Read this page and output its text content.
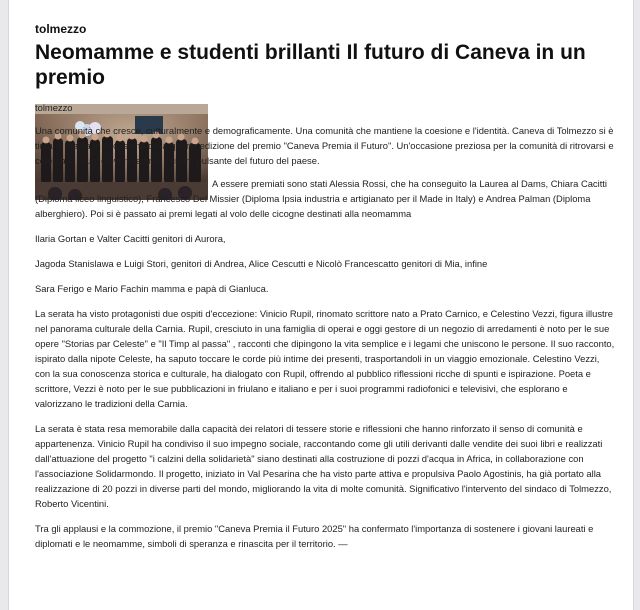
tolmezzo
Neomamme e studenti brillanti Il futuro di Caneva in un premio

tolmezzo

Una comunità che cresce, culturalmente e demograficamente. Una comunità che mantiene la coesione e l'identità. Caneva di Tolmezzo si è tinta di magia in occasione della quarta edizione del premio "Caneva Premia il Futuro". Un'occasione preziosa per la comunità di ritrovarsi e celebrare i suoi giovani talenti, il cuore pulsante del futuro del paese.

A essere premiati sono stati Alessia Rossi, che ha conseguito la Laurea al Dams, Chiara Cacitti (Diploma liceo linguistico), Francesco Del Missier (Diploma Ipsia industria e artigianato per il Made in Italy) e Andrea Palman (Diploma alberghiero). Poi si è passato ai premi legati al volo delle cicogne destinati alla neomamma

Ilaria Gortan e Valter Cacitti genitori di Aurora,

Jagoda Stanislawa e Luigi Stori, genitori di Andrea, Alice Cescutti e Nicolò Francescatto genitori di Mia, infine

Sara Ferigo e Mario Fachin mamma e papà di Gianluca.

La serata ha visto protagonisti due ospiti d'eccezione: Vinicio Rupil, rinomato scrittore nato a Prato Carnico, e Celestino Vezzi, figura illustre nel panorama culturale della Carnia. Rupil, cresciuto in una famiglia di operai e oggi gestore di un negozio di arredamenti è noto per le sue opere "Storias par Celeste" e "Il Timp al passa" , racconti che dipingono la vita semplice e i legami che uniscono le persone. Il suo racconto, ispirato dalla nipote Celeste, ha saputo toccare le corde più intime dei presenti, trasportandoli in un viaggio emozionale. Celestino Vezzi, con la sua conoscenza storica e culturale, ha dialogato con Rupil, offrendo al pubblico riflessioni ricche di spunti e ispirazione. Poeta e scrittore, Vezzi è noto per le sue pubblicazioni in friulano e italiano e per i suoi programmi radiofonici e televisivi, che esplorano e valorizzano le tradizioni della Carnia.

La serata è stata resa memorabile dalla capacità dei relatori di tessere storie e riflessioni che hanno rinforzato il senso di comunità e appartenenza. Vinicio Rupil ha condiviso il suo impegno sociale, raccontando come gli utili derivanti dalle vendite dei suoi libri e realizzati dall'attuazione del progetto "i calzini della solidarietà" siano destinati alla costruzione di pozzi d'acqua in Africa, in collaborazione con l'associazione Solidarmondo. Il progetto, iniziato in Val Pesarina che ha visto parte attiva e propulsiva Paolo Agostinis, ha già portato alla realizzazione di 20 pozzi in diverse parti del mondo, migliorando la vita di molte comunità. Significativo l'intervento del sindaco di Tolmezzo, Roberto Vicentini.

Tra gli applausi e la commozione, il premio "Caneva Premia il Futuro 2025" ha confermato l'importanza di sostenere i giovani laureati e diplomati e le neomamme, simboli di speranza e rinascita per il territorio. —
